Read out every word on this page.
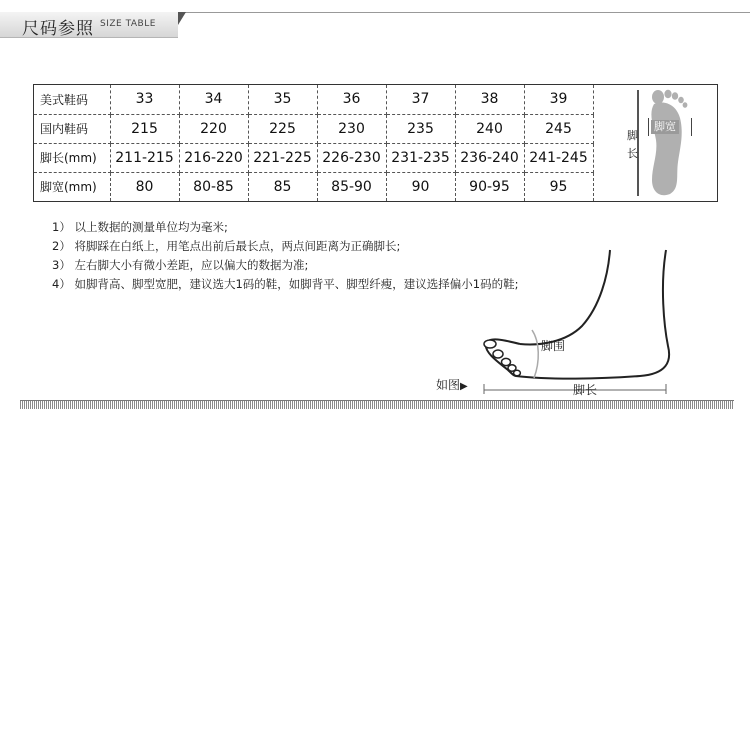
尺码参照 SIZE TABLE
美式鞋码	33	34	35	36	37	38	39
国内鞋码	215	220	225	230	235	240	245
脚长(mm)	211-215	216-220	221-225	226-230	231-235	236-240	241-245
脚宽(mm)	80	80-85	85	85-90	90	90-95	95
脚长
脚宽
1） 以上数据的测量单位均为毫米;
2） 将脚踩在白纸上，用笔点出前后最长点，两点间距离为正确脚长;
3） 左右脚大小有微小差距，应以偏大的数据为准;
4） 如脚背高、脚型宽肥，建议选大1码的鞋，如脚背平、脚型纤瘦，建议选择偏小1码的鞋;
脚围
脚长
如图▶
